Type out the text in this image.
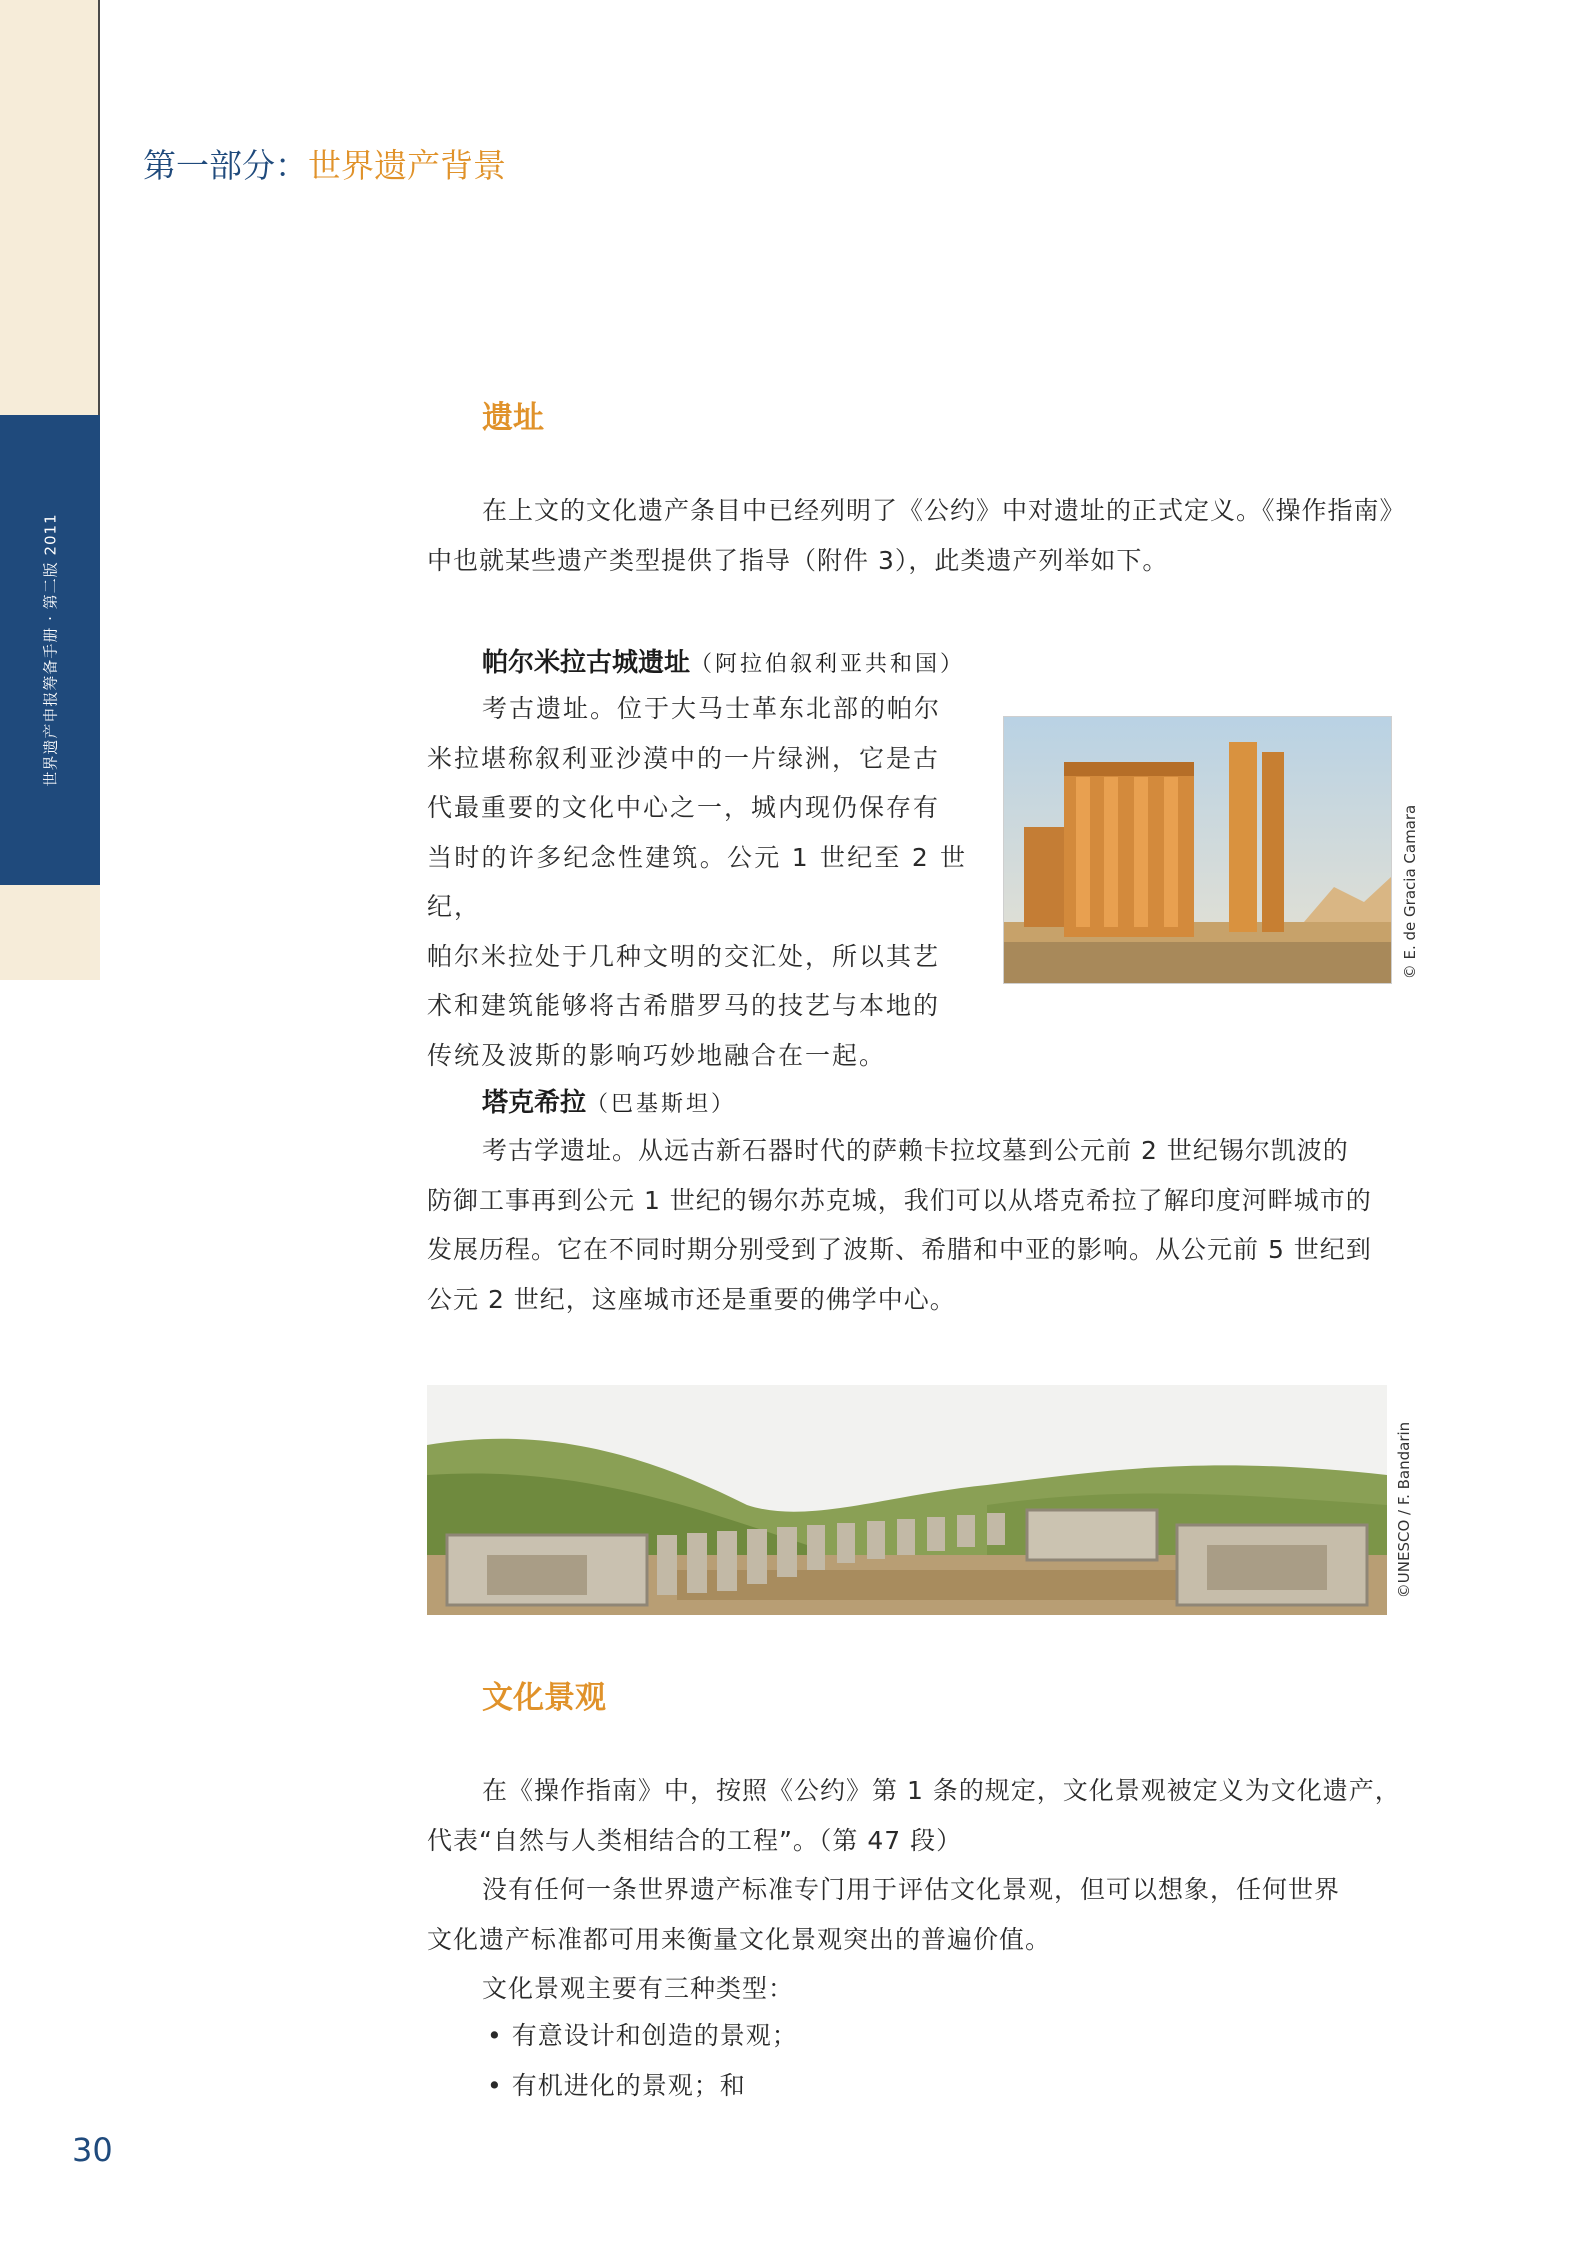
世界遗产申报筹备手册 · 第二版 2011
第一部分：世界遗产背景
遗址
在上文的文化遗产条目中已经列明了《公约》中对遗址的正式定义。《操作指南》
中也就某些遗产类型提供了指导（附件 3），此类遗产列举如下。
帕尔米拉古城遗址（阿拉伯叙利亚共和国）
考古遗址。位于大马士革东北部的帕尔
米拉堪称叙利亚沙漠中的一片绿洲，它是古
代最重要的文化中心之一，城内现仍保存有
当时的许多纪念性建筑。公元 1 世纪至 2 世纪，
帕尔米拉处于几种文明的交汇处，所以其艺
术和建筑能够将古希腊罗马的技艺与本地的
传统及波斯的影响巧妙地融合在一起。
© E. de Gracia Camara
塔克希拉（巴基斯坦）
考古学遗址。从远古新石器时代的萨赖卡拉坟墓到公元前 2 世纪锡尔凯波的
防御工事再到公元 1 世纪的锡尔苏克城，我们可以从塔克希拉了解印度河畔城市的
发展历程。它在不同时期分别受到了波斯、希腊和中亚的影响。从公元前 5 世纪到
公元 2 世纪，这座城市还是重要的佛学中心。
©UNESCO / F. Bandarin
文化景观
在《操作指南》中，按照《公约》第 1 条的规定，文化景观被定义为文化遗产，
代表“自然与人类相结合的工程”。（第 47 段）
没有任何一条世界遗产标准专门用于评估文化景观，但可以想象，任何世界
文化遗产标准都可用来衡量文化景观突出的普遍价值。
文化景观主要有三种类型：
• 有意设计和创造的景观；
• 有机进化的景观；和
30
